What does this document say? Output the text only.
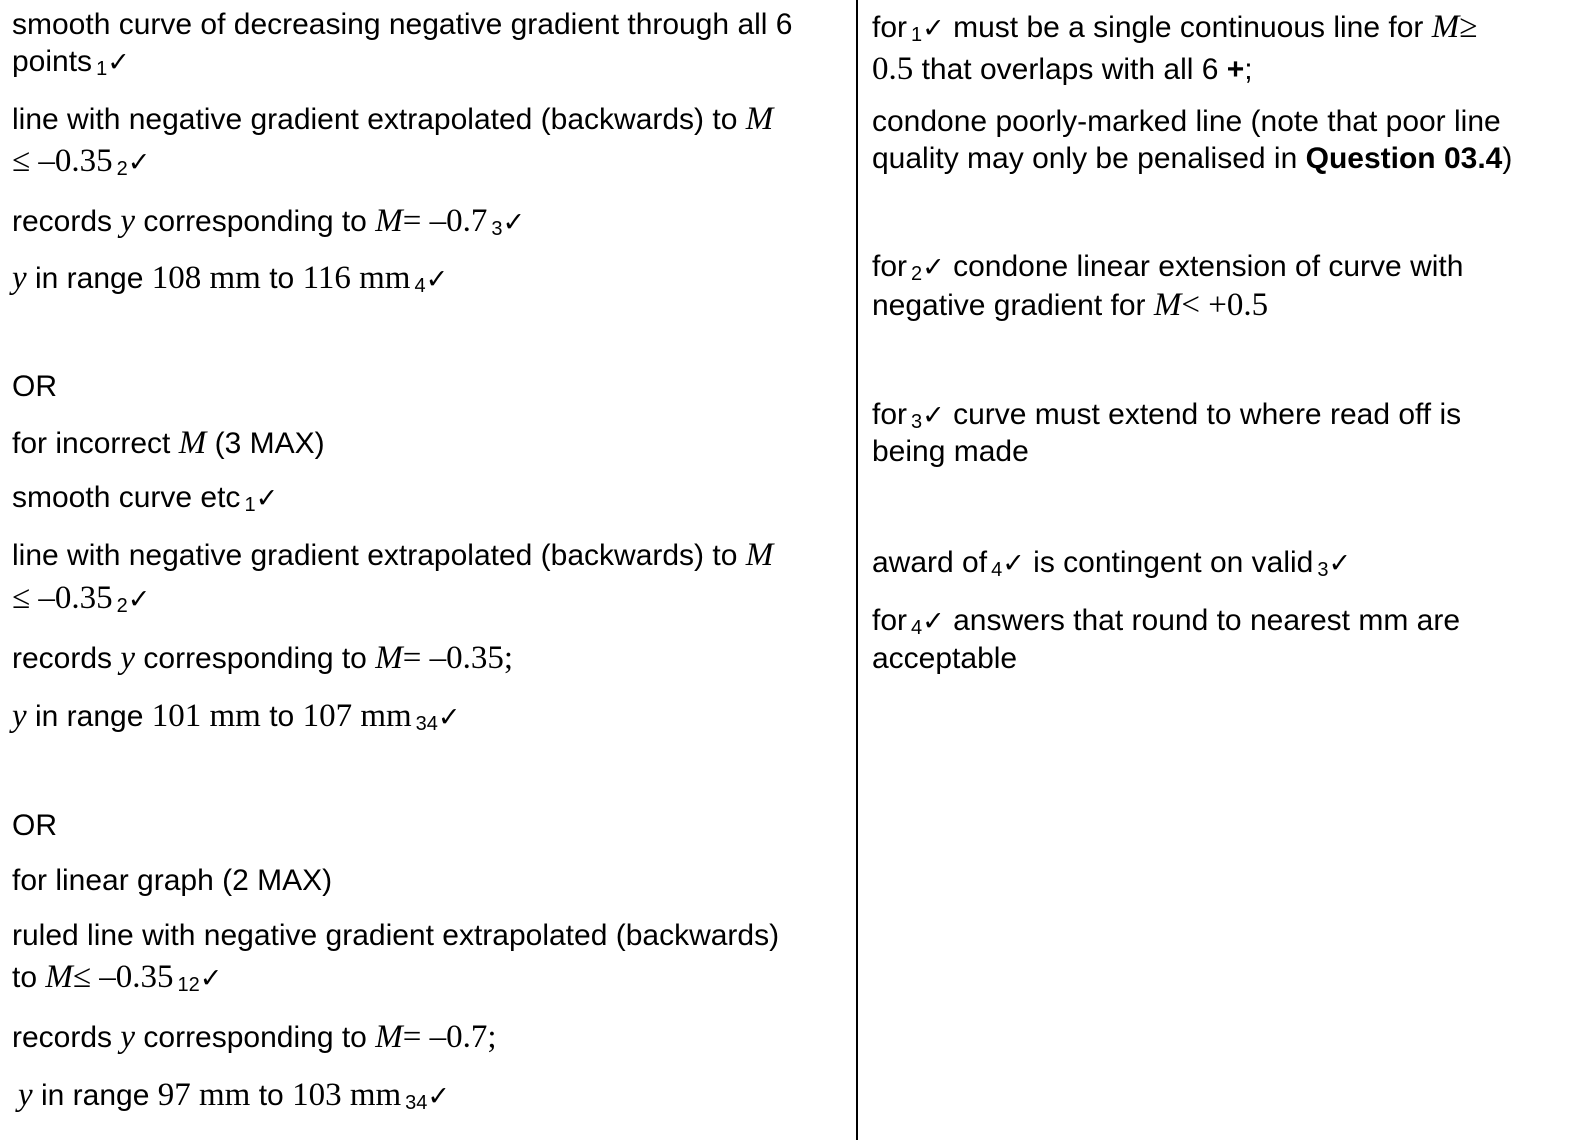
smooth curve of decreasing negative gradient through all 6
points $_1$✓
line with negative gradient extrapolated (backwards) to M
≤ –0.35 $_2$✓
records y corresponding to M= –0.7 $_3$✓
y in range 108 mm to 116 mm $_4$✓
OR
for incorrect M (3 MAX)
smooth curve etc $_1$✓
line with negative gradient extrapolated (backwards) to M
≤ –0.35 $_2$✓
records y corresponding to M= –0.35;
y in range 101 mm to 107 mm $_{34}$✓
OR
for linear graph (2 MAX)
ruled line with negative gradient extrapolated (backwards)
to M≤ –0.35 $_{12}$✓
records y corresponding to M= –0.7;
y in range 97 mm to 103 mm $_{34}$✓
for $_1$✓ must be a single continuous line for M≥
0.5 that overlaps with all 6 +;
condone poorly-marked line (note that poor line
quality may only be penalised in Question 03.4)
for $_2$✓ condone linear extension of curve with
negative gradient for M< +0.5
for $_3$✓ curve must extend to where read off is
being made
award of $_4$✓ is contingent on valid $_3$✓
for $_4$✓ answers that round to nearest mm are
acceptable
